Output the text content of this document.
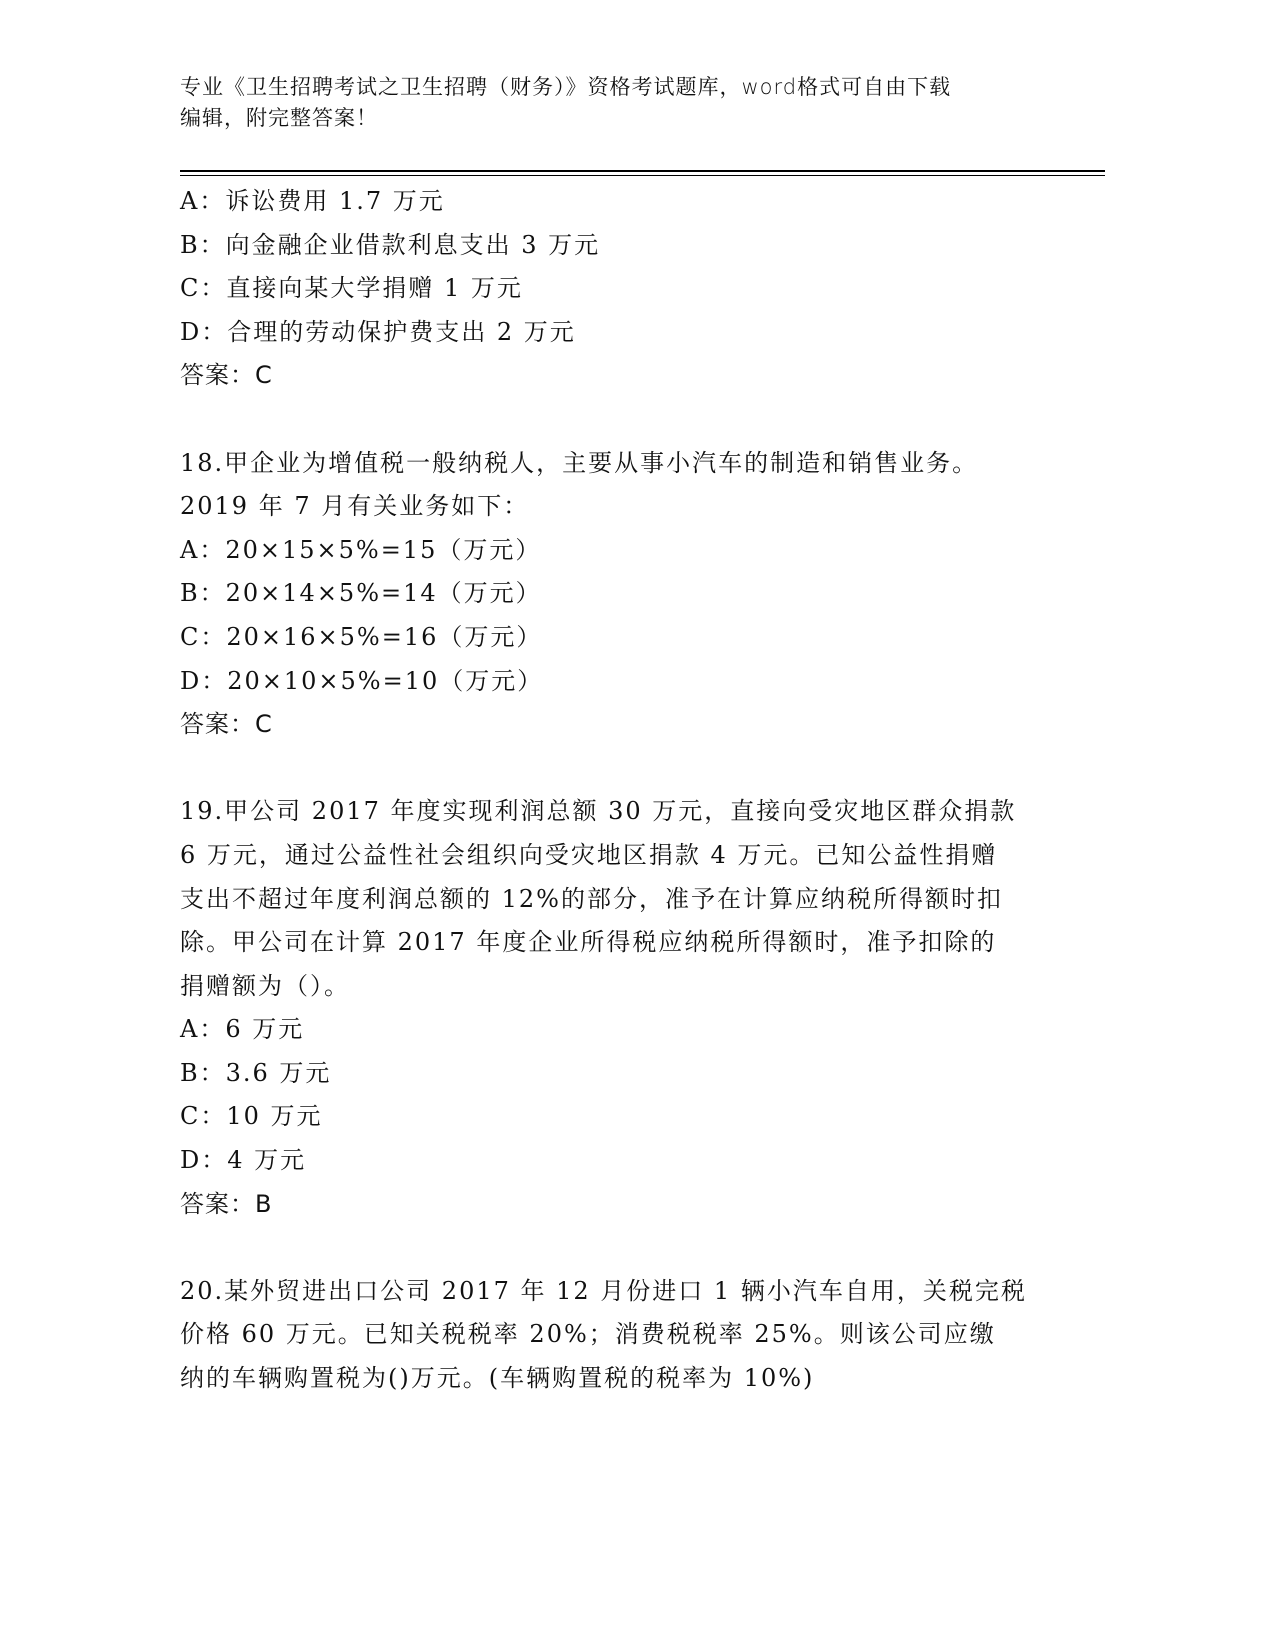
专业《卫生招聘考试之卫生招聘（财务）》资格考试题库，word格式可自由下载
编辑，附完整答案！
A：诉讼费用 1.7 万元
B：向金融企业借款利息支出 3 万元
C：直接向某大学捐赠 1 万元
D：合理的劳动保护费支出 2 万元
答案：C
18.甲企业为增值税一般纳税人，主要从事小汽车的制造和销售业务。
2019 年 7 月有关业务如下：
A：20×15×5%=15（万元）
B：20×14×5%=14（万元）
C：20×16×5%=16（万元）
D：20×10×5%=10（万元）
答案：C
19.甲公司 2017 年度实现利润总额 30 万元，直接向受灾地区群众捐款
6 万元，通过公益性社会组织向受灾地区捐款 4 万元。已知公益性捐赠
支出不超过年度利润总额的 12%的部分，准予在计算应纳税所得额时扣
除。甲公司在计算 2017 年度企业所得税应纳税所得额时，准予扣除的
捐赠额为（）。
A：6 万元
B：3.6 万元
C：10 万元
D：4 万元
答案：B
20.某外贸进出口公司 2017 年 12 月份进口 1 辆小汽车自用，关税完税
价格 60 万元。已知关税税率 20%；消费税税率 25%。则该公司应缴
纳的车辆购置税为()万元。(车辆购置税的税率为 10%)
